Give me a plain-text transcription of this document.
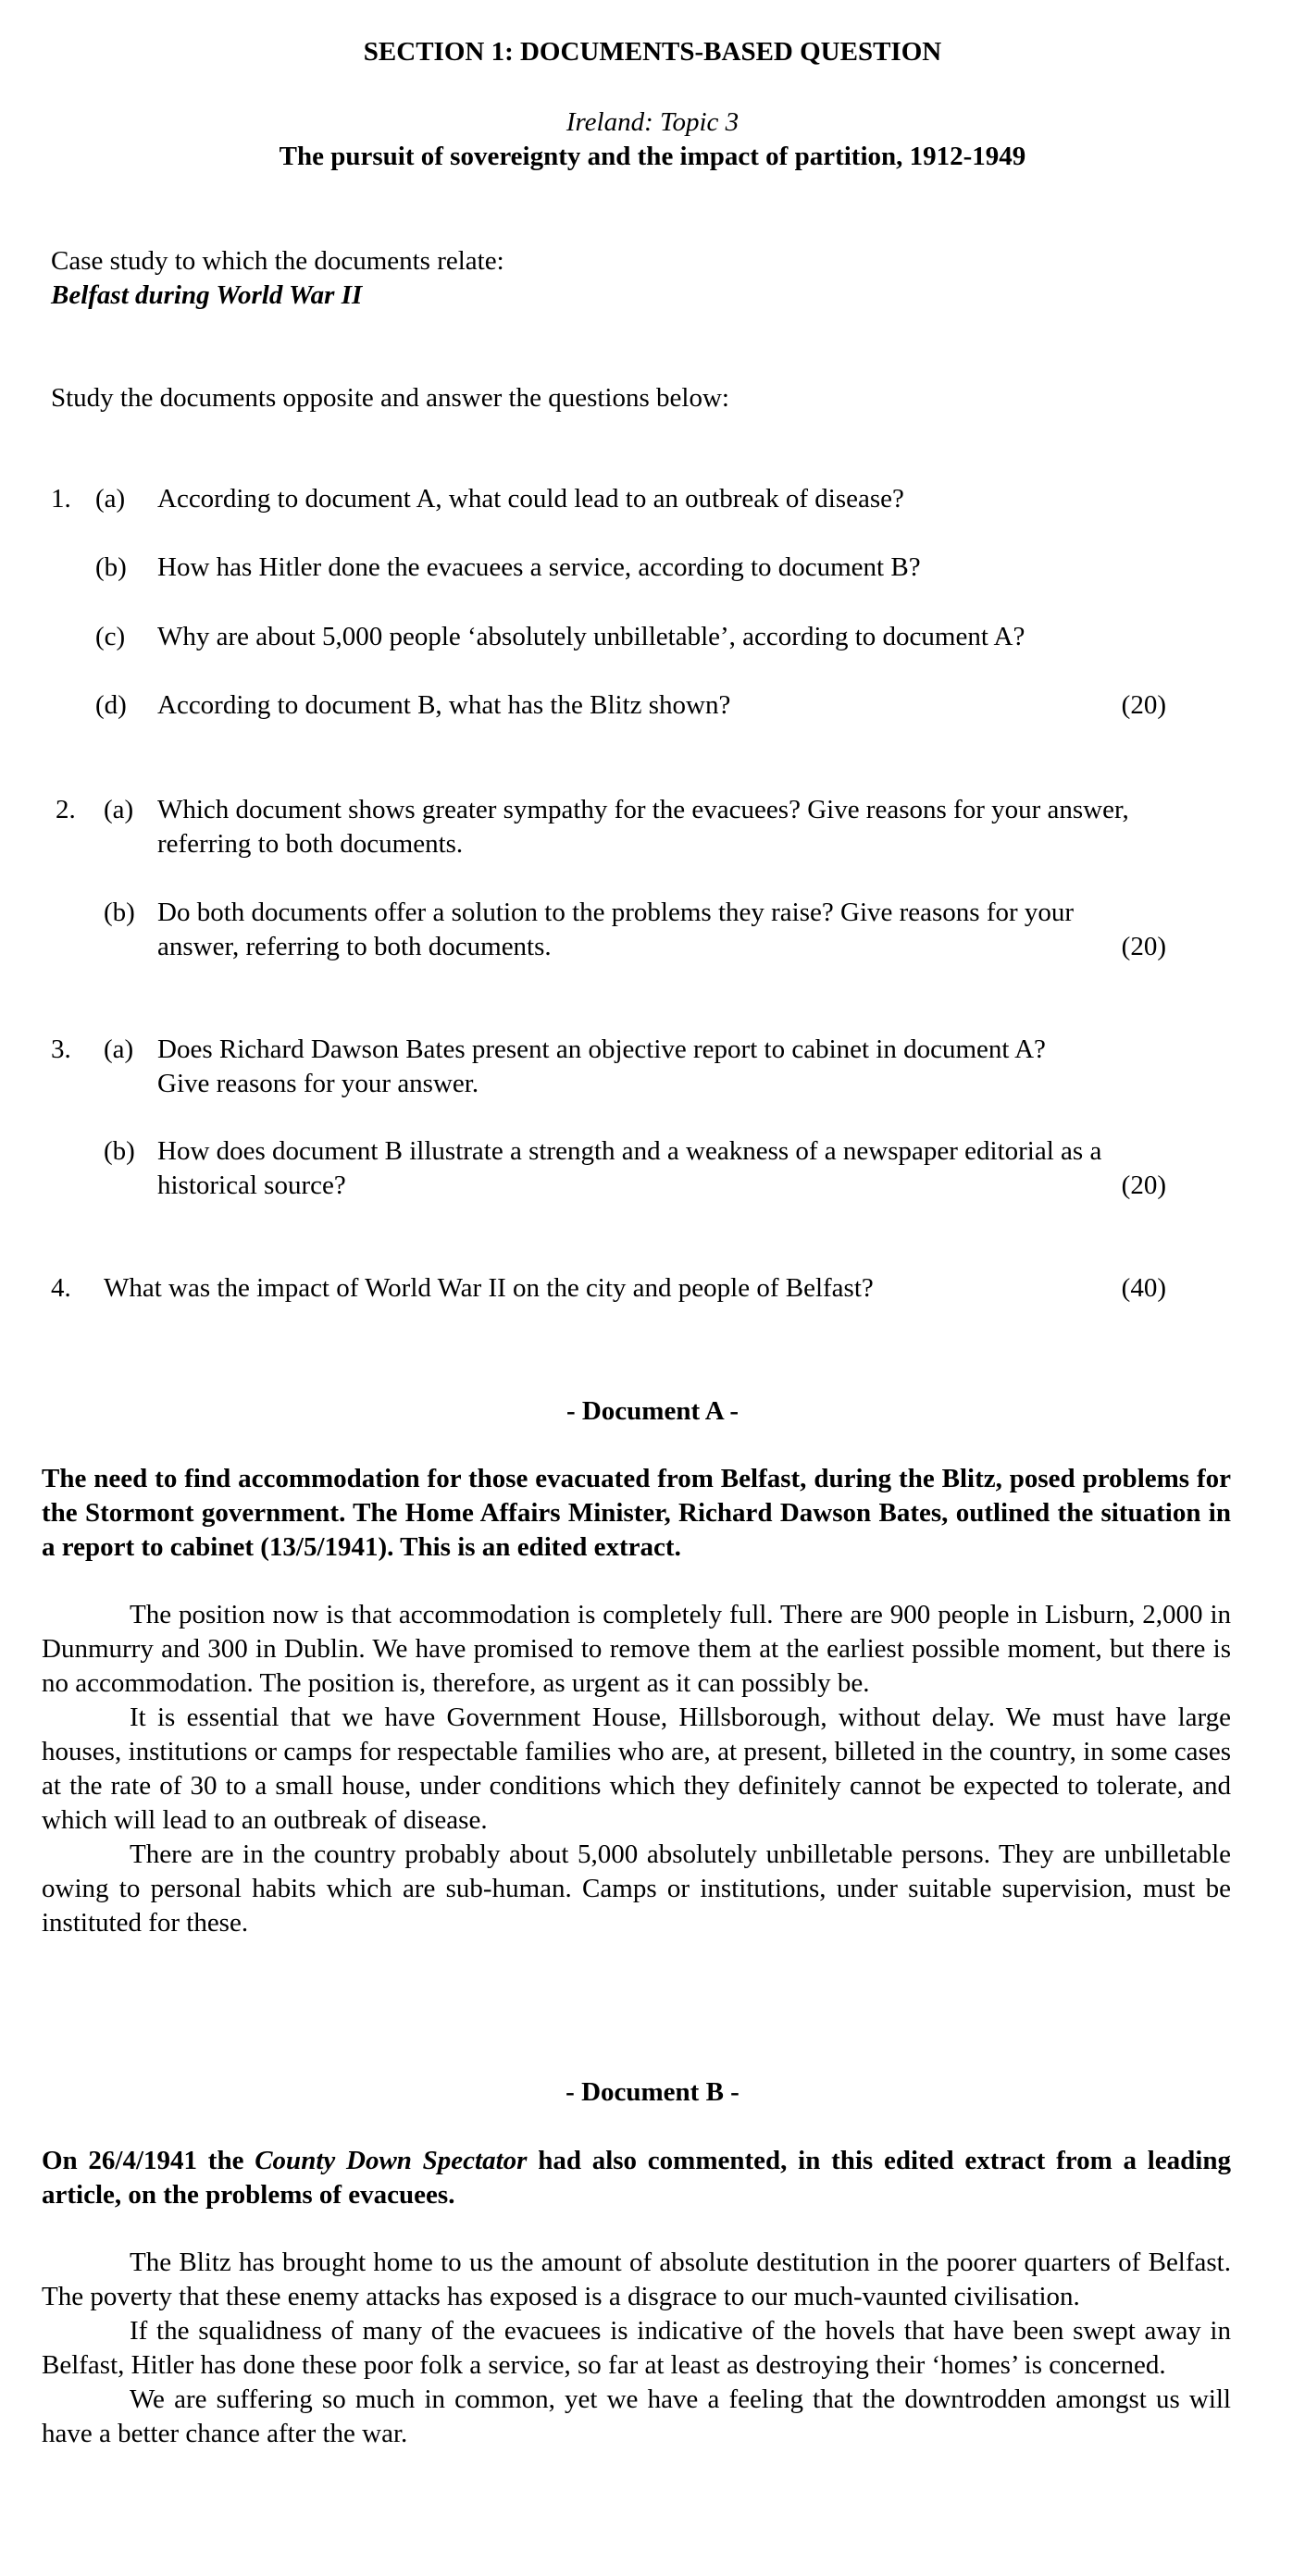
SECTION 1: DOCUMENTS-BASED QUESTION
Ireland: Topic 3
The pursuit of sovereignty and the impact of partition, 1912-1949
Case study to which the documents relate:
Belfast during World War II
Study the documents opposite and answer the questions below:
1. (a) According to document A, what could lead to an outbreak of disease?
(b) How has Hitler done the evacuees a service, according to document B?
(c) Why are about 5,000 people ‘absolutely unbilletable’, according to document A?
(d) According to document B, what has the Blitz shown?	(20)
2. (a) Which document shows greater sympathy for the evacuees? Give reasons for your answer,
referring to both documents.
(b) Do both documents offer a solution to the problems they raise? Give reasons for your
answer, referring to both documents.	(20)
3. (a) Does Richard Dawson Bates present an objective report to cabinet in document A?
Give reasons for your answer.
(b) How does document B illustrate a strength and a weakness of a newspaper editorial as a
historical source?	(20)
4. What was the impact of World War II on the city and people of Belfast?	(40)
- Document A -
The need to find accommodation for those evacuated from Belfast, during the Blitz, posed problems for the Stormont government. The Home Affairs Minister, Richard Dawson Bates, outlined the situation in a report to cabinet (13/5/1941). This is an edited extract.
The position now is that accommodation is completely full. There are 900 people in Lisburn, 2,000 in Dunmurry and 300 in Dublin. We have promised to remove them at the earliest possible moment, but there is no accommodation. The position is, therefore, as urgent as it can possibly be.
It is essential that we have Government House, Hillsborough, without delay. We must have large houses, institutions or camps for respectable families who are, at present, billeted in the country, in some cases at the rate of 30 to a small house, under conditions which they definitely cannot be expected to tolerate, and which will lead to an outbreak of disease.
There are in the country probably about 5,000 absolutely unbilletable persons. They are unbilletable owing to personal habits which are sub-human. Camps or institutions, under suitable supervision, must be instituted for these.
- Document B -
On 26/4/1941 the County Down Spectator had also commented, in this edited extract from a leading article, on the problems of evacuees.
The Blitz has brought home to us the amount of absolute destitution in the poorer quarters of Belfast. The poverty that these enemy attacks has exposed is a disgrace to our much-vaunted civilisation.
If the squalidness of many of the evacuees is indicative of the hovels that have been swept away in Belfast, Hitler has done these poor folk a service, so far at least as destroying their ‘homes’ is concerned.
We are suffering so much in common, yet we have a feeling that the downtrodden amongst us will have a better chance after the war.
